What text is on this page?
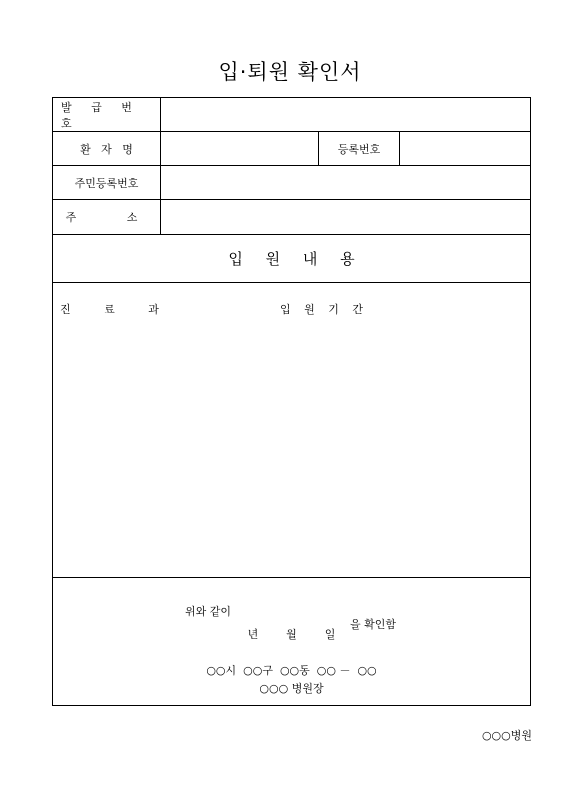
입·퇴원 확인서
발 급 번 호
환   자   명	등록번호
주민등록번호
주   소
입 원 내 용
진 료 과	입 원 기 간

위와 같이

을 확인함

년        월        일
○○시  ○○구  ○○동  ○○ －  ○○
○○○ 병원장
○○○병원
